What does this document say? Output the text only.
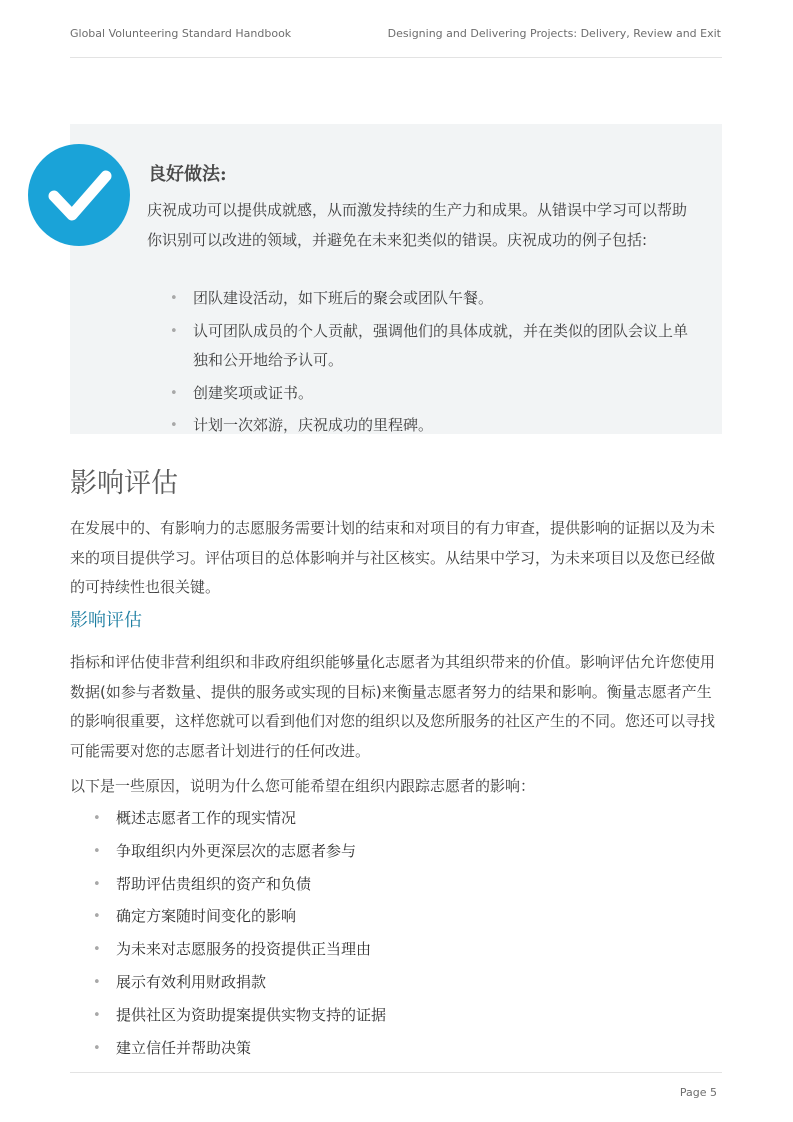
Global Volunteering Standard Handbook	Designing and Delivering Projects: Delivery, Review and Exit
良好做法:

庆祝成功可以提供成就感，从而激发持续的生产力和成果。从错误中学习可以帮助你识别可以改进的领域，并避免在未来犯类似的错误。庆祝成功的例子包括:

• 团队建设活动，如下班后的聚会或团队午餐。
• 认可团队成员的个人贡献，强调他们的具体成就，并在类似的团队会议上单独和公开地给予认可。
• 创建奖项或证书。
• 计划一次郊游，庆祝成功的里程碑。
影响评估

在发展中的、有影响力的志愿服务需要计划的结束和对项目的有力审查，提供影响的证据以及为未来的项目提供学习。评估项目的总体影响并与社区核实。从结果中学习，为未来项目以及您已经做的可持续性也很关键。

影响评估

指标和评估使非营利组织和非政府组织能够量化志愿者为其组织带来的价值。影响评估允许您使用数据(如参与者数量、提供的服务或实现的目标)来衡量志愿者努力的结果和影响。衡量志愿者产生的影响很重要，这样您就可以看到他们对您的组织以及您所服务的社区产生的不同。您还可以寻找可能需要对您的志愿者计划进行的任何改进。

以下是一些原因，说明为什么您可能希望在组织内跟踪志愿者的影响：

• 概述志愿者工作的现实情况
• 争取组织内外更深层次的志愿者参与
• 帮助评估贵组织的资产和负债
• 确定方案随时间变化的影响
• 为未来对志愿服务的投资提供正当理由
• 展示有效利用财政捐款
• 提供社区为资助提案提供实物支持的证据
• 建立信任并帮助决策
Page 5
